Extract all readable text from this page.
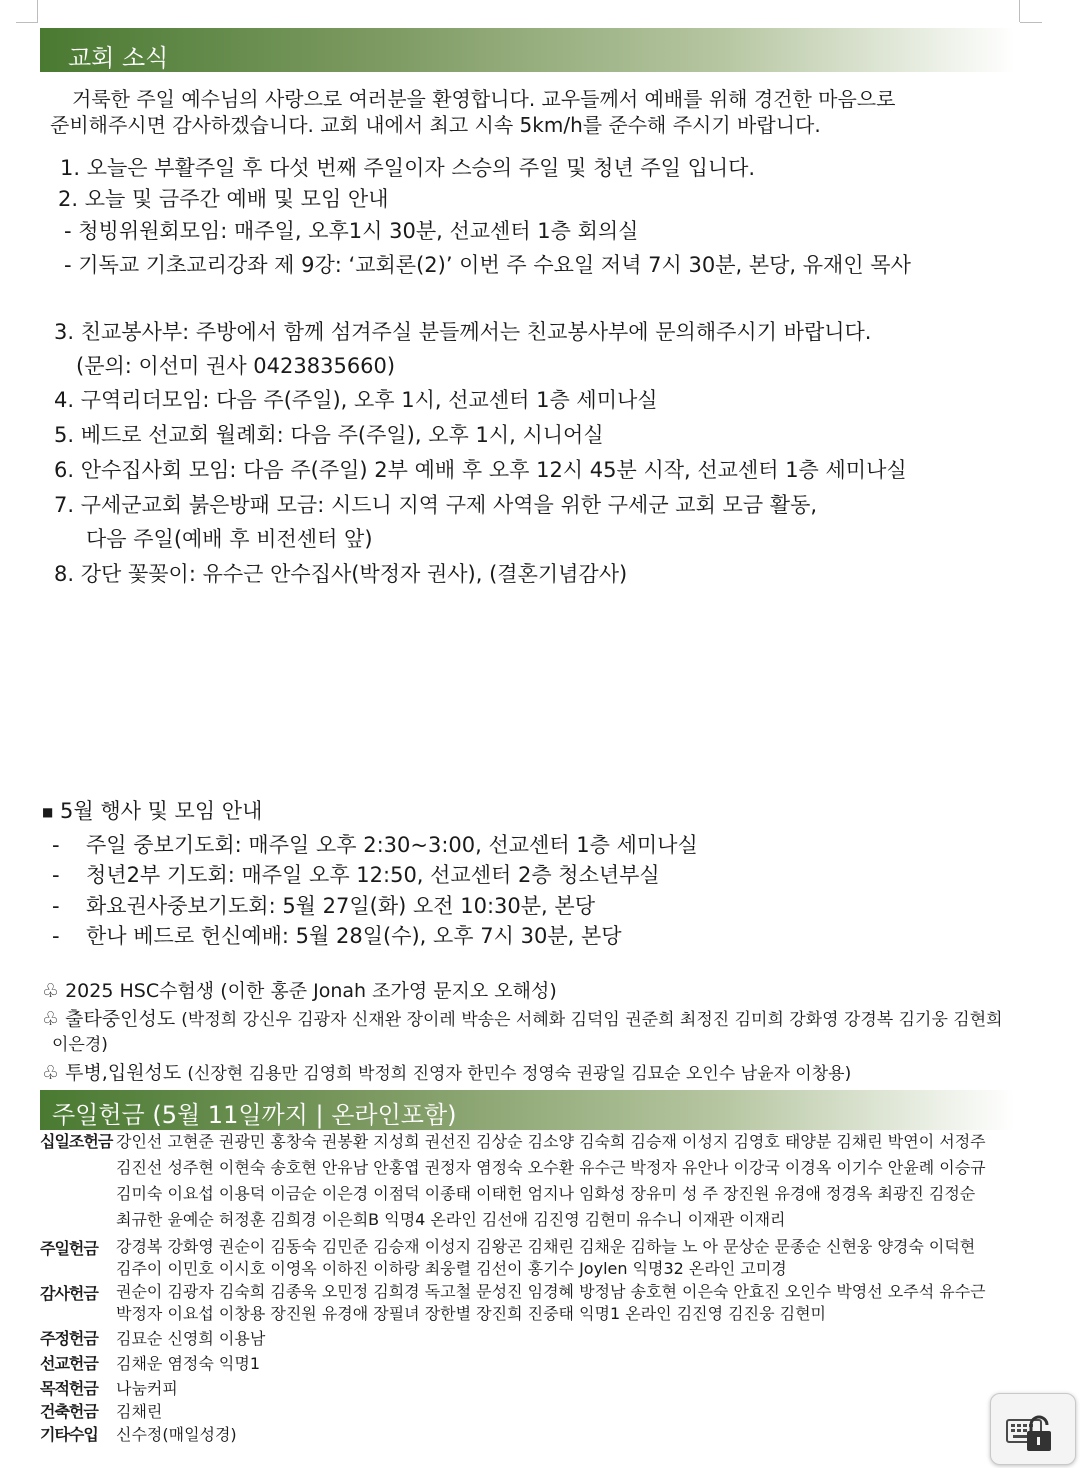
교회 소식

거룩한 주일 예수님의 사랑으로 여러분을 환영합니다. 교우들께서 예배를 위해 경건한 마음으로

준비해주시면 감사하겠습니다. 교회 내에서 최고 시속 5km/h를 준수해 주시기 바랍니다.

1. 오늘은 부활주일 후 다섯 번째 주일이자 스승의 주일 및 청년 주일 입니다.
2. 오늘 및 금주간 예배 및 모임 안내
- 청빙위원회모임: 매주일, 오후1시 30분, 선교센터 1층 회의실
- 기독교 기초교리강좌 제 9강: ‘교회론(2)’ 이번 주 수요일 저녁 7시 30분, 본당, 유재인 목사
3. 친교봉사부: 주방에서 함께 섬겨주실 분들께서는 친교봉사부에 문의해주시기 바랍니다.
(문의: 이선미 권사 0423835660)
4. 구역리더모임: 다음 주(주일), 오후 1시, 선교센터 1층 세미나실
5. 베드로 선교회 월례회: 다음 주(주일), 오후 1시, 시니어실
6. 안수집사회 모임: 다음 주(주일) 2부 예배 후 오후 12시 45분 시작, 선교센터 1층 세미나실
7. 구세군교회 붉은방패 모금: 시드니 지역 구제 사역을 위한 구세군 교회 모금 활동,
다음 주일(예배 후 비전센터 앞)
8. 강단 꽃꽂이: 유수근 안수집사(박정자 권사), (결혼기념감사)
■ 5월 행사 및 모임 안내
- 주일 중보기도회: 매주일 오후 2:30~3:00, 선교센터 1층 세미나실
- 청년2부 기도회: 매주일 오후 12:50, 선교센터 2층 청소년부실
- 화요권사중보기도회: 5월 27일(화) 오전 10:30분, 본당
- 한나 베드로 헌신예배: 5월 28일(수), 오후 7시 30분, 본당
♧ 2025 HSC수험생 (이한 홍준 Jonah 조가영 문지오 오해성)
♧ 출타중인성도 (박정희 강신우 김광자 신재완 장이레 박송은 서혜화 김덕임 권준희 최정진 김미희 강화영 강경복 김기웅 김현희
이은경)
♧ 투병,입원성도 (신장현 김용만 김영희 박정희 진영자 한민수 정영숙 권광일 김묘순 오인수 남윤자 이창용)
주일헌금 (5월 11일까지 | 온라인포함)
십일조헌금 강인선 고현준 권광민 홍창숙 권봉환 지성희 권선진 김상순 김소양 김숙희 김승재 이성지 김영호 태양분 김채린 박연이 서정주
김진선 성주현 이현숙 송호현 안유남 안홍엽 권정자 염정숙 오수환 유수근 박정자 유안나 이강국 이경옥 이기수 안윤례 이승규
김미숙 이요섭 이용덕 이금순 이은경 이점덕 이종태 이태헌 엄지나 임화성 장유미 성 주 장진원 유경애 정경옥 최광진 김정순
최규한 윤예순 허정훈 김희경 이은희B 익명4 온라인 김선애 김진영 김현미 유수니 이재관 이재리
주일헌금 강경복 강화영 권순이 김동숙 김민준 김승재 이성지 김왕곤 김채린 김채운 김하늘 노 아 문상순 문종순 신현웅 양경숙 이덕현
김주이 이민호 이시호 이영옥 이하진 이하랑 최웅렬 김선이 홍기수 Joylen 익명32 온라인 고미경
감사헌금 권순이 김광자 김숙희 김종욱 오민정 김희경 독고철 문성진 임경혜 방정남 송호현 이은숙 안효진 오인수 박영선 오주석 유수근
박정자 이요섭 이창용 장진원 유경애 장필녀 장한별 장진희 진중태 익명1 온라인 김진영 김진웅 김현미
주정헌금 김묘순 신영희 이용남
선교헌금 김채운 염정숙 익명1
목적헌금 나눔커피
건축헌금 김채린
기타수입 신수정(매일성경)
